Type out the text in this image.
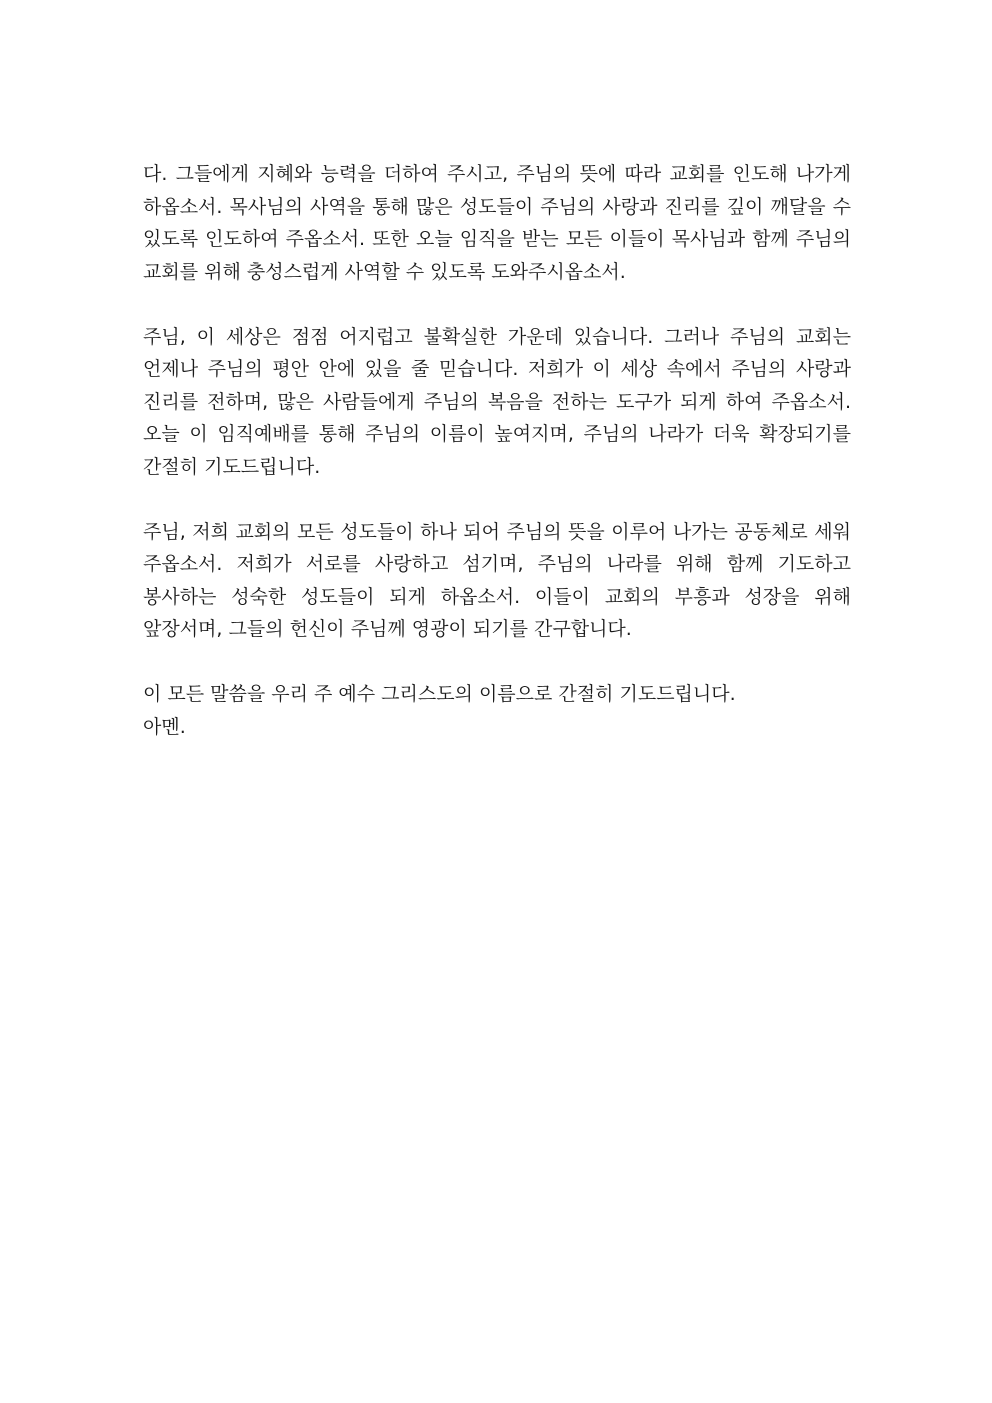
다. 그들에게 지혜와 능력을 더하여 주시고, 주님의 뜻에 따라 교회를 인도해 나가게 하옵소서. 목사님의 사역을 통해 많은 성도들이 주님의 사랑과 진리를 깊이 깨달을 수 있도록 인도하여 주옵소서. 또한 오늘 임직을 받는 모든 이들이 목사님과 함께 주님의 교회를 위해 충성스럽게 사역할 수 있도록 도와주시옵소서.

주님, 이 세상은 점점 어지럽고 불확실한 가운데 있습니다. 그러나 주님의 교회는 언제나 주님의 평안 안에 있을 줄 믿습니다. 저희가 이 세상 속에서 주님의 사랑과 진리를 전하며, 많은 사람들에게 주님의 복음을 전하는 도구가 되게 하여 주옵소서. 오늘 이 임직예배를 통해 주님의 이름이 높여지며, 주님의 나라가 더욱 확장되기를 간절히 기도드립니다.

주님, 저희 교회의 모든 성도들이 하나 되어 주님의 뜻을 이루어 나가는 공동체로 세워 주옵소서. 저희가 서로를 사랑하고 섬기며, 주님의 나라를 위해 함께 기도하고 봉사하는 성숙한 성도들이 되게 하옵소서. 이들이 교회의 부흥과 성장을 위해 앞장서며, 그들의 헌신이 주님께 영광이 되기를 간구합니다.

이 모든 말씀을 우리 주 예수 그리스도의 이름으로 간절히 기도드립니다.
아멘.
